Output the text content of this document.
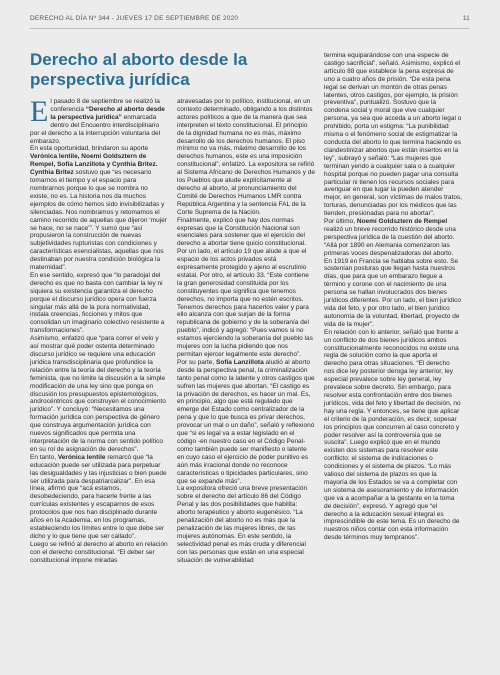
DERECHO AL DÍA Nº 344 - JUEVES 17 DE SEPTIEMBRE DE 2020	11
Derecho al aborto desde la perspectiva jurídica
E l pasado 8 de septiembre se realizó la conferencia “Derecho al aborto desde la perspectiva jurídica” enmarcada dentro del Encuentro interdisciplinario por el derecho a la interrupción voluntaria del embarazo.
En esta oportunidad, brindaron su aporte Verónica Ientile, Noemí Goldsztern de Rempel, Sofía Lanzillota y Cynthia Britez. Cynthia Britez sostuvo que “es necesario tomarnos el tiempo y el espacio para nombrarnos porque lo que se nombra no existe, no es. La historia nos da muchos ejemplos de cómo hemos sido invisibilizadas y silenciadas. Nos nombramos y retomamos el camino recorrido de aquellas que dijeron ‘mujer se hace, no se nace’”. Y sumó que “así propusieron la construcción de nuevas subjetividades rupturistas con condiciones y características esencialistas, aquellas que nos destinaban por nuestra condición biológica la maternidad”.
En ese sentido, expresó que “lo paradojal del derecho es que no basta con cambiar la ley ni siquiera su existencia garantiza el derecho porque el discurso jurídico opera con fuerza singular más allá de la pura normatividad, instala creencias, ficciones y mitos que consolidan un imaginario colectivo resistente a transformaciones”.
Asimismo, enfatizó que “para correr el velo y así mostrar qué poder ostenta determinado discurso jurídico se requiere una educación jurídica transdisciplinaria que profundice la relación entre la teoría del derecho y la teoría feminista, que no limite la discusión a la simple modificación de una ley sino que ponga en discusión los presupuestos epistemológicos, androcéntricos que construyen el conocimiento jurídico”. Y concluyó: “Necesitamos una formación jurídica con perspectiva de género que construya argumentación jurídica con nuevos significados que permita una interpretación de la norma con sentido político en su rol de asignación de derechos”.
En tanto, Verónica Ientile remarcó que “la educación puede ser utilizada para perpetuar las desigualdades y las injusticias o bien puede ser utilizada para despatriarcalizar”. En esa línea, afirmó que “acá estamos, desobedeciendo, para hacerle frente a las currículas existentes y escaparnos de esos protocolos que nos han disciplinado durante años en la Academia, en los programas, estableciendo los límites entre lo que debe ser dicho y lo que tiene que ser callado”.
Luego se refirió al derecho al aborto en relación con el derecho constitucional. “El deber ser constitucional impone miradas

atravesadas por lo político, institucional, en un contexto determinado, obligando a los distintos actores políticos a que de la manera que sea interpreten el texto constitucional. El principio de la dignidad humana no es más, máximo desarrollo de los derechos humanos. El piso mínimo no va más, máximo desarrollo de los derechos humanos, este es una imposición constitucional”, enfatizó. La expositora se refirió al Sistema Africano de Derechos Humanos y de los Pueblos que alude explícitamente al derecho al aborto, al pronunciamiento del Comité de Derechos Humanos LMR contra República Argentina y la sentencia FAL de la Corte Suprema de la Nación.
Finalmente, explicó que hay dos normas expresas que la Constitución Nacional son esenciales para sostener que el ejercicio del derecho a abortar tiene quicio constitucional. Por un lado, el artículo 19 que alude a que el espacio de los actos privados está expresamente protegido y ajeno al escrutinio estatal. Por otro, el artículo 33. “Este contiene la gran generosidad constituida por los constituyentes que significa que tenemos derechos, no importa que no estén escritos. Tenemos derechos para hacerlos valer y para ello alcanza con que surjan de la forma republicana de gobierno y de la soberanía del pueblo”, indicó y agregó: “Pues vamos si no estamos ejerciendo la soberanía del pueblo las mujeres con la lucha pidiendo que nos permitan ejercer legalmente este derecho”.
Por su parte, Sofía Lanzillota aludió al aborto desde la perspectiva penal, la criminalización tanto penal como la latente y otros castigos que sufren las mujeres que abortan. “El castigo es la privación de derechos, es hacer un mal. Es, en principio, algo que está regulado que emerge del Estado como centralizador de la pena y que lo que busca es privar derechos, provocar un mal o un daño”, señaló y reflexionó que “si es legal va a estar legislado en el código -en nuestro caso en el Código Penal- como también puede ser manifiesto o latente en cuyo caso el ejercicio de poder punitivo es aún más irracional donde no reconoce características o tipicidades particulares, sino que se expande más”.
La expositora ofreció una breve presentación sobre el derecho del artículo 86 del Código Penal y las dos posibilidades que habilita: aborto terapéutico y aborto eugenésico. “La penalización del aborto no es más que la penalización de las mujeres libres, de las mujeres autónomas. En este sentido, la selectividad penal es más cruda y diferencial con las personas que están en una especial situación de vulnerabilidad

termina equiparándose con una especie de castigo sacrificial”, señaló. Asimismo, explicó el artículo 88 que establece la pena expresa de uno a cuatro años de prisión. “De esta pena legal se derivan un montón de otras penas latentes, otros castigos, por ejemplo, la prisión preventiva”, puntualizó. Sostuvo que la condena social y moral que vive cualquier persona, ya sea que acceda a un aborto legal o prohibido, porta un estigma: “La punibilidad misma o el fenómeno social de estigmatizar la conducta del aborto lo que termina haciendo es clandestinizar abortos que están insertos en la ley”, subrayó y señaló: “Las mujeres que terminan yendo a cualquier sala o a cualquier hospital porque no pueden pagar una consulta particular ni tienen los recursos sociales para averiguar en que lugar la pueden atender mejor, en general, son víctimas de malos tratos, torturas, denunciadas por los médicos que las tienden, presionadas para no abortar”.
Por último, Noemí Goldsztern de Rempel realizó un breve recorrido histórico desde una perspectiva jurídica de la cuestión del aborto. “Allá por 1890 en Alemania comenzaron las primeras voces despenalizadoras del aborto. En 1919 en Francia se hablaba sobre esto. Se sostenían posturas que llegan hasta nuestros días, que para que un embarazo llegue a término y corone con el nacimiento de una persona se hallan involucrados dos bienes jurídicos diferentes. Por un lado, el bien jurídico vida del feto, y por otro lado, el bien jurídico autonomía de la voluntad, libertad, proyecto de vida de la mujer”.
En relación con lo anterior, señaló que frente a un conflicto de dos bienes jurídicos ambos constitucionalmente reconocidos no existe una regla de solución como la que aporta el derecho para otras situaciones. “El derecho nos dice ley posterior deroga ley anterior, ley especial prevalece sobre ley general, ley prevalece sobre decreto. Sin embargo, para resolver esta confrontación entre dos bienes jurídicos, vida del feto y libertad de decisión, no hay una regla. Y entonces, se tiene que aplicar el criterio de la ponderación, es decir, sopesar los principios que concurren al caso concreto y poder resolver así la controversia que se suscita”. Luego explicó que en el mundo existen dos sistemas para resolver este conflicto: el sistema de indicaciones o condiciones y el sistema de plazos. “Lo más valioso del sistema de plazos es que la mayoría de los Estados se va a completar con un sistema de asesoramiento y de información que va a acompañar a la gestante en la toma de decisión”, expresó. Y agregó que “el derecho a la educación sexual integral es imprescindible de este tema. Es un derecho de nuestros niños contar con esta información desde términos muy tempranos”.
